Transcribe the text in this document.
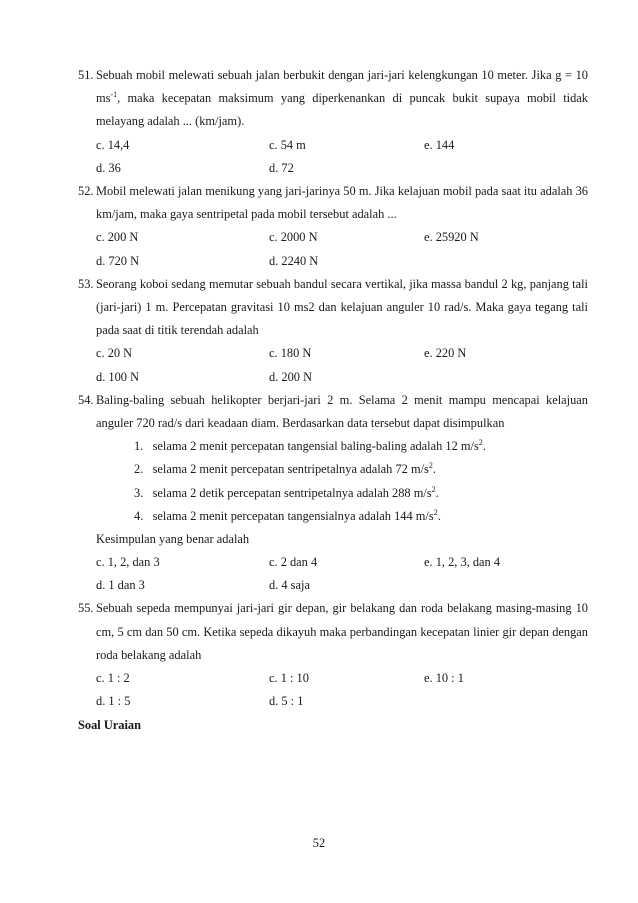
51. Sebuah mobil melewati sebuah jalan berbukit dengan jari-jari kelengkungan 10 meter. Jika g = 10 $ms^{-1}$, maka kecepatan maksimum yang diperkenankan di puncak bukit supaya mobil tidak melayang adalah ... (km/jam).
c. 14,4	c. 54 m	e. 144
d. 36	d. 72
52. Mobil melewati jalan menikung yang jari-jarinya 50 m. Jika kelajuan mobil pada saat itu adalah 36 km/jam, maka gaya sentripetal pada mobil tersebut adalah ...
c. 200 N	c. 2000 N	e. 25920 N
d. 720 N	d. 2240 N
53. Seorang koboi sedang memutar sebuah bandul secara vertikal, jika massa bandul 2 kg, panjang tali (jari-jari) 1 m. Percepatan gravitasi 10 ms2 dan kelajuan anguler 10 rad/s. Maka gaya tegang tali pada saat di titik terendah adalah
c. 20 N	c. 180 N	e. 220 N
d. 100 N	d. 200 N
54. Baling-baling sebuah helikopter berjari-jari 2 m. Selama 2 menit mampu mencapai kelajuan anguler 720 rad/s dari keadaan diam. Berdasarkan data tersebut dapat disimpulkan
1. selama 2 menit percepatan tangensial baling-baling adalah 12 $m/s^2$.
2. selama 2 menit percepatan sentripetalnya adalah 72 $m/s^2$.
3. selama 2 detik percepatan sentripetalnya adalah 288 $m/s^2$.
4. selama 2 menit percepatan tangensialnya adalah 144 $m/s^2$.
Kesimpulan yang benar adalah
c. 1, 2, dan 3	c. 2 dan 4	e. 1, 2, 3, dan 4
d. 1 dan 3	d. 4 saja
55. Sebuah sepeda mempunyai jari-jari gir depan, gir belakang dan roda belakang masing-masing 10 cm, 5 cm dan 50 cm. Ketika sepeda dikayuh maka perbandingan kecepatan linier gir depan dengan roda belakang adalah
c. 1 : 2	c. 1 : 10	e. 10 : 1
d. 1 : 5	d. 5 : 1
Soal Uraian
52
